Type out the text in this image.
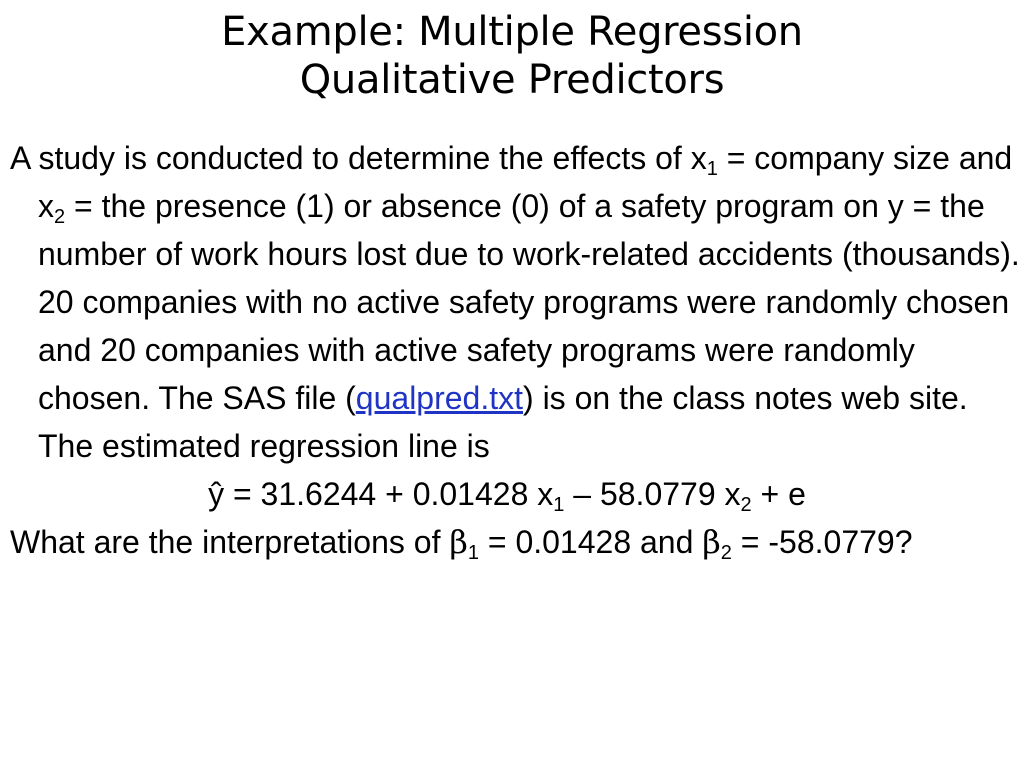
Example: Multiple Regression
Qualitative Predictors
A study is conducted to determine the effects of $x_1$ = company size and $x_2$ = the presence (1) or absence (0) of a safety program on y = the number of work hours lost due to work-related accidents (thousands). 20 companies with no active safety programs were randomly chosen and 20 companies with active safety programs were randomly chosen. The SAS file (qualpred.txt) is on the class notes web site. The estimated regression line is
ŷ = 31.6244 + 0.01428 $x_1 - 58.0779$ $x_2 + e$
What are the interpretations of $\beta_1 = 0.01428$ and $\beta_2 = -58.0779$?
